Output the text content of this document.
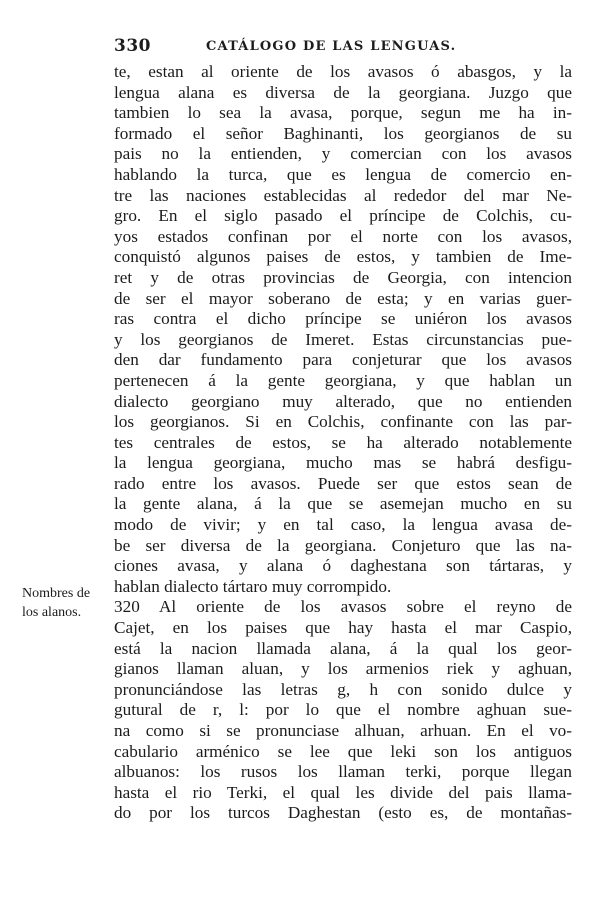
330	CATÁLOGO DE LAS LENGUAS.
Nombres de
los alanos.
te, estan al oriente de los avasos ó abasgos, y la
lengua alana es diversa de la georgiana. Juzgo que
tambien lo sea la avasa, porque, segun me ha in-
formado el señor Baghinanti, los georgianos de su
pais no la entienden, y comercian con los avasos
hablando la turca, que es lengua de comercio en-
tre las naciones establecidas al rededor del mar Ne-
gro. En el siglo pasado el príncipe de Colchis, cu-
yos estados confinan por el norte con los avasos,
conquistó algunos paises de estos, y tambien de Ime-
ret y de otras provincias de Georgia, con intencion
de ser el mayor soberano de esta; y en varias guer-
ras contra el dicho príncipe se uniéron los avasos
y los georgianos de Imeret. Estas circunstancias pue-
den dar fundamento para conjeturar que los avasos
pertenecen á la gente georgiana, y que hablan un
dialecto georgiano muy alterado, que no entienden
los georgianos. Si en Colchis, confinante con las par-
tes centrales de estos, se ha alterado notablemente
la lengua georgiana, mucho mas se habrá desfigu-
rado entre los avasos. Puede ser que estos sean de
la gente alana, á la que se asemejan mucho en su
modo de vivir; y en tal caso, la lengua avasa de-
be ser diversa de la georgiana. Conjeturo que las na-
ciones avasa, y alana ó daghestana son tártaras, y
hablan dialecto tártaro muy corrompido.
320 Al oriente de los avasos sobre el reyno de
Cajet, en los paises que hay hasta el mar Caspio,
está la nacion llamada alana, á la qual los geor-
gianos llaman aluan, y los armenios riek y aghuan,
pronunciándose las letras g, h con sonido dulce y
gutural de r, l: por lo que el nombre aghuan sue-
na como si se pronunciase alhuan, arhuan. En el vo-
cabulario arménico se lee que leki son los antiguos
albuanos: los rusos los llaman terki, porque llegan
hasta el rio Terki, el qual les divide del pais llama-
do por los turcos Daghestan (esto es, de montañas-
